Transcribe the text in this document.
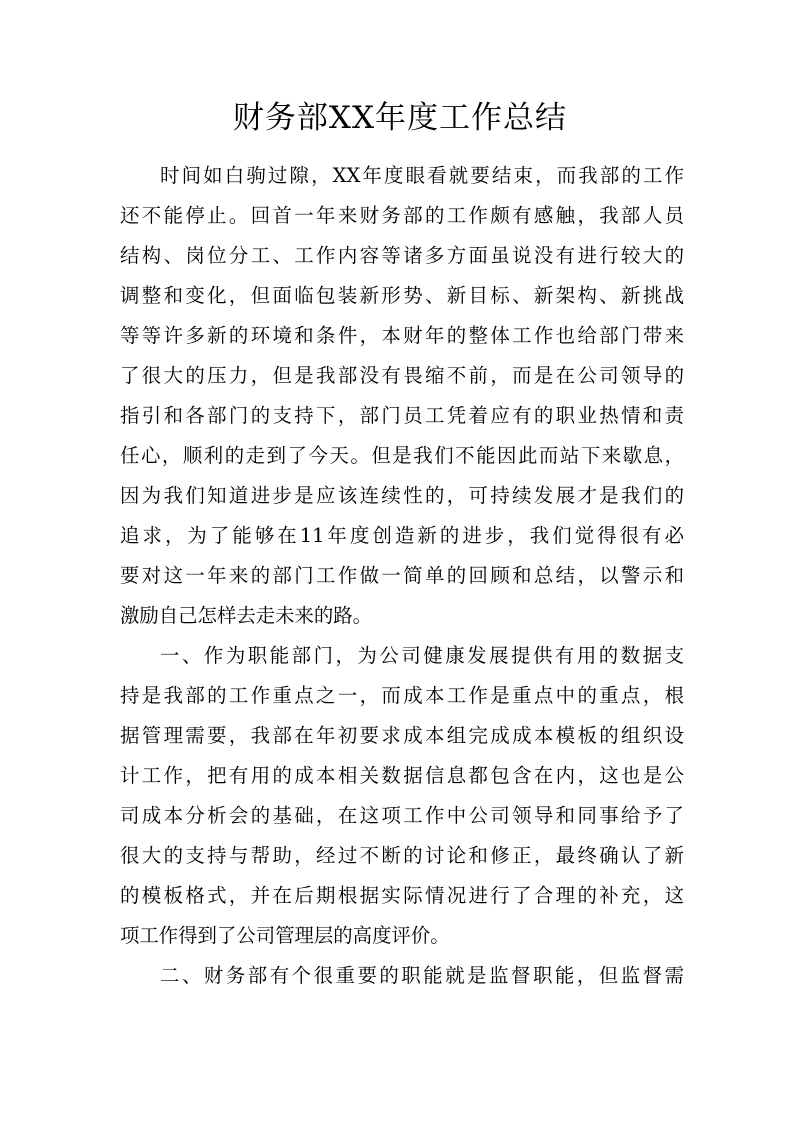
财务部XX年度工作总结
时间如白驹过隙，XX年度眼看就要结束，而我部的工作
还不能停止。回首一年来财务部的工作颇有感触，我部人员
结构、岗位分工、工作内容等诸多方面虽说没有进行较大的
调整和变化，但面临包装新形势、新目标、新架构、新挑战
等等许多新的环境和条件，本财年的整体工作也给部门带来
了很大的压力，但是我部没有畏缩不前，而是在公司领导的
指引和各部门的支持下，部门员工凭着应有的职业热情和责
任心，顺利的走到了今天。但是我们不能因此而站下来歇息，
因为我们知道进步是应该连续性的，可持续发展才是我们的
追求，为了能够在11年度创造新的进步，我们觉得很有必
要对这一年来的部门工作做一简单的回顾和总结，以警示和
激励自己怎样去走未来的路。
一、作为职能部门，为公司健康发展提供有用的数据支
持是我部的工作重点之一，而成本工作是重点中的重点，根
据管理需要，我部在年初要求成本组完成成本模板的组织设
计工作，把有用的成本相关数据信息都包含在内，这也是公
司成本分析会的基础，在这项工作中公司领导和同事给予了
很大的支持与帮助，经过不断的讨论和修正，最终确认了新
的模板格式，并在后期根据实际情况进行了合理的补充，这
项工作得到了公司管理层的高度评价。
二、财务部有个很重要的职能就是监督职能，但监督需
